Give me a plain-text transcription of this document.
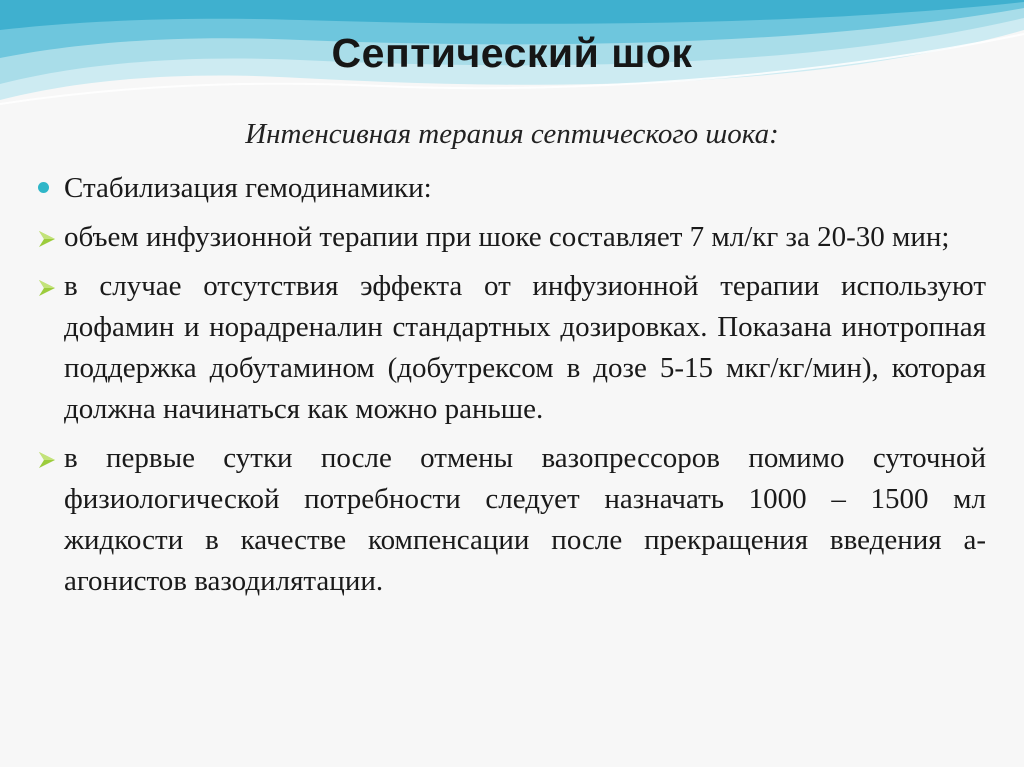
Септический шок
Интенсивная терапия септического шока:
Стабилизация гемодинамики:
объем инфузионной терапии при шоке составляет 7 мл/кг за 20-30 мин;
в случае отсутствия эффекта от инфузионной терапии используют дофамин и норадреналин стандартных дозировках. Показана инотропная поддержка добутамином (добутрексом в дозе 5-15 мкг/кг/мин), которая должна начинаться как можно раньше.
в первые сутки после отмены вазопрессоров помимо суточной физиологической потребности следует назначать 1000 – 1500 мл жидкости в качестве компенсации после прекращения введения а-агонистов вазодилятации.
